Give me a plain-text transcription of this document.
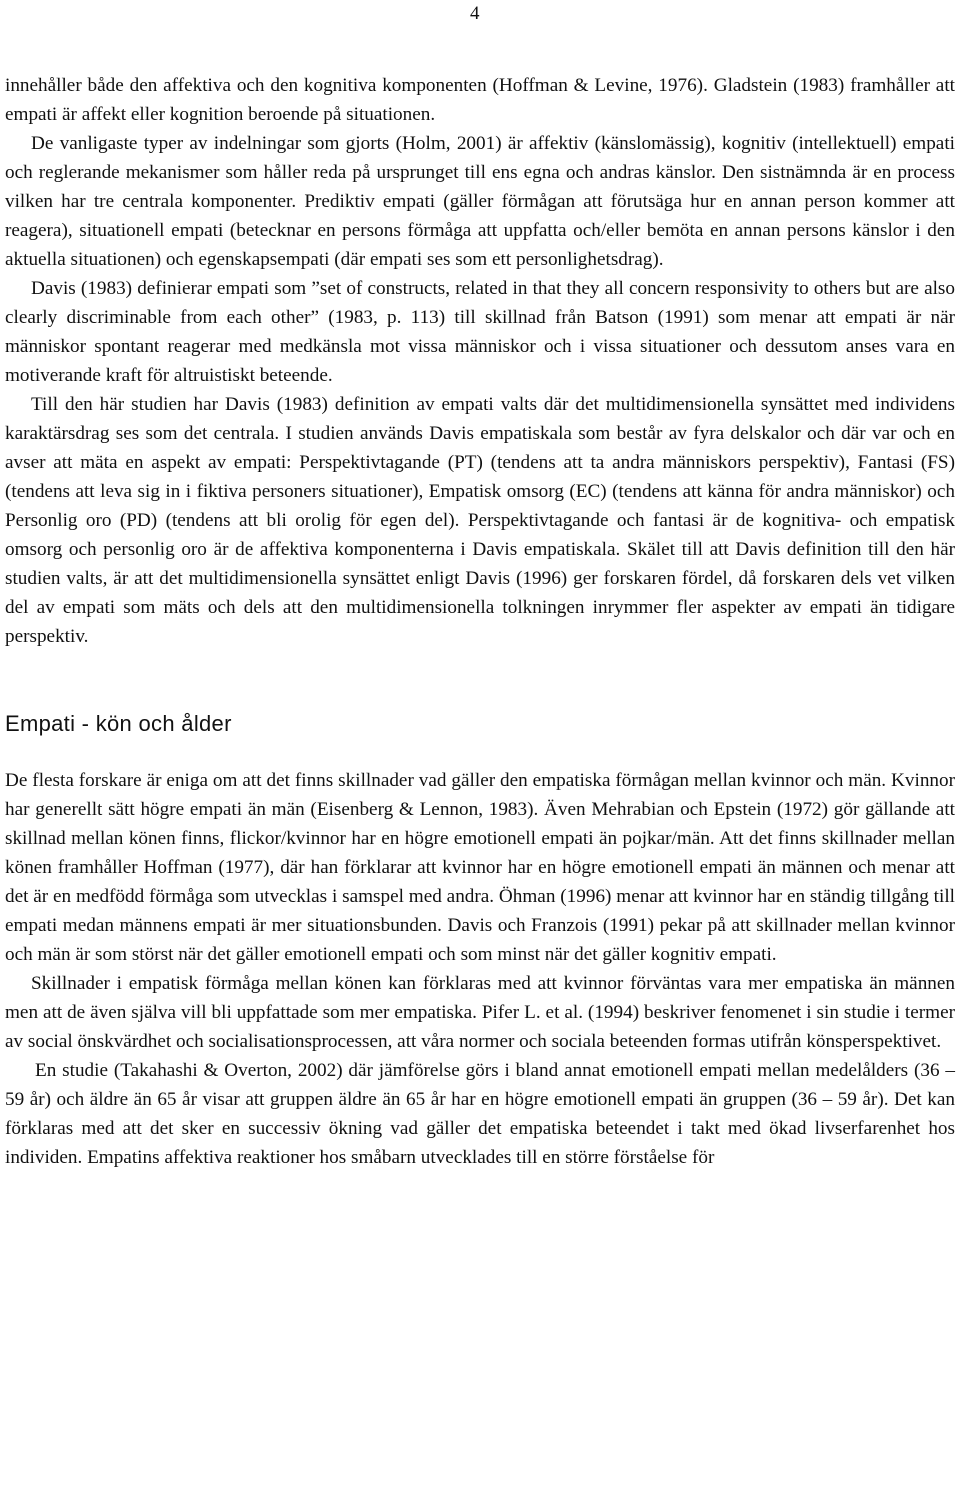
4

innehåller både den affektiva och den kognitiva komponenten (Hoffman & Levine, 1976). Gladstein (1983) framhåller att empati är affekt eller kognition beroende på situationen.

De vanligaste typer av indelningar som gjorts (Holm, 2001) är affektiv (känslomässig), kognitiv (intellektuell) empati och reglerande mekanismer som håller reda på ursprunget till ens egna och andras känslor. Den sistnämnda är en process vilken har tre centrala komponenter. Prediktiv empati (gäller förmågan att förutsäga hur en annan person kommer att reagera), situationell empati (betecknar en persons förmåga att uppfatta och/eller bemöta en annan persons känslor i den aktuella situationen) och egenskapsempati (där empati ses som ett personlighetsdrag).

Davis (1983) definierar empati som ”set of constructs, related in that they all concern responsivity to others but are also clearly discriminable from each other” (1983, p. 113) till skillnad från Batson (1991) som menar att empati är när människor spontant reagerar med medkänsla mot vissa människor och i vissa situationer och dessutom anses vara en motiverande kraft för altruistiskt beteende.

Till den här studien har Davis (1983) definition av empati valts där det multidimensionella synsättet med individens karaktärsdrag ses som det centrala. I studien används Davis empatiskala som består av fyra delskalor och där var och en avser att mäta en aspekt av empati: Perspektivtagande (PT) (tendens att ta andra människors perspektiv), Fantasi (FS) (tendens att leva sig in i fiktiva personers situationer), Empatisk omsorg (EC) (tendens att känna för andra människor) och Personlig oro (PD) (tendens att bli orolig för egen del). Perspektivtagande och fantasi är de kognitiva- och empatisk omsorg och personlig oro är de affektiva komponenterna i Davis empatiskala. Skälet till att Davis definition till den här studien valts, är att det multidimensionella synsättet enligt Davis (1996) ger forskaren fördel, då forskaren dels vet vilken del av empati som mäts och dels att den multidimensionella tolkningen inrymmer fler aspekter av empati än tidigare perspektiv.

Empati - kön och ålder

De flesta forskare är eniga om att det finns skillnader vad gäller den empatiska förmågan mellan kvinnor och män. Kvinnor har generellt sätt högre empati än män (Eisenberg & Lennon, 1983). Även Mehrabian och Epstein (1972) gör gällande att skillnad mellan könen finns, flickor/kvinnor har en högre emotionell empati än pojkar/män. Att det finns skillnader mellan könen framhåller Hoffman (1977), där han förklarar att kvinnor har en högre emotionell empati än männen och menar att det är en medfödd förmåga som utvecklas i samspel med andra. Öhman (1996) menar att kvinnor har en ständig tillgång till empati medan männens empati är mer situationsbunden. Davis och Franzois (1991) pekar på att skillnader mellan kvinnor och män är som störst när det gäller emotionell empati och som minst när det gäller kognitiv empati.

Skillnader i empatisk förmåga mellan könen kan förklaras med att kvinnor förväntas vara mer empatiska än männen men att de även själva vill bli uppfattade som mer empatiska. Pifer L. et al. (1994) beskriver fenomenet i sin studie i termer av social önskvärdhet och socialisationsprocessen, att våra normer och sociala beteenden formas utifrån könsperspektivet.

En studie (Takahashi & Overton, 2002) där jämförelse görs i bland annat emotionell empati mellan medelålders (36 – 59 år) och äldre än 65 år visar att gruppen äldre än 65 år har en högre emotionell empati än gruppen (36 – 59 år). Det kan förklaras med att det sker en successiv ökning vad gäller det empatiska beteendet i takt med ökad livserfarenhet hos individen. Empatins affektiva reaktioner hos småbarn utvecklades till en större förståelse för
